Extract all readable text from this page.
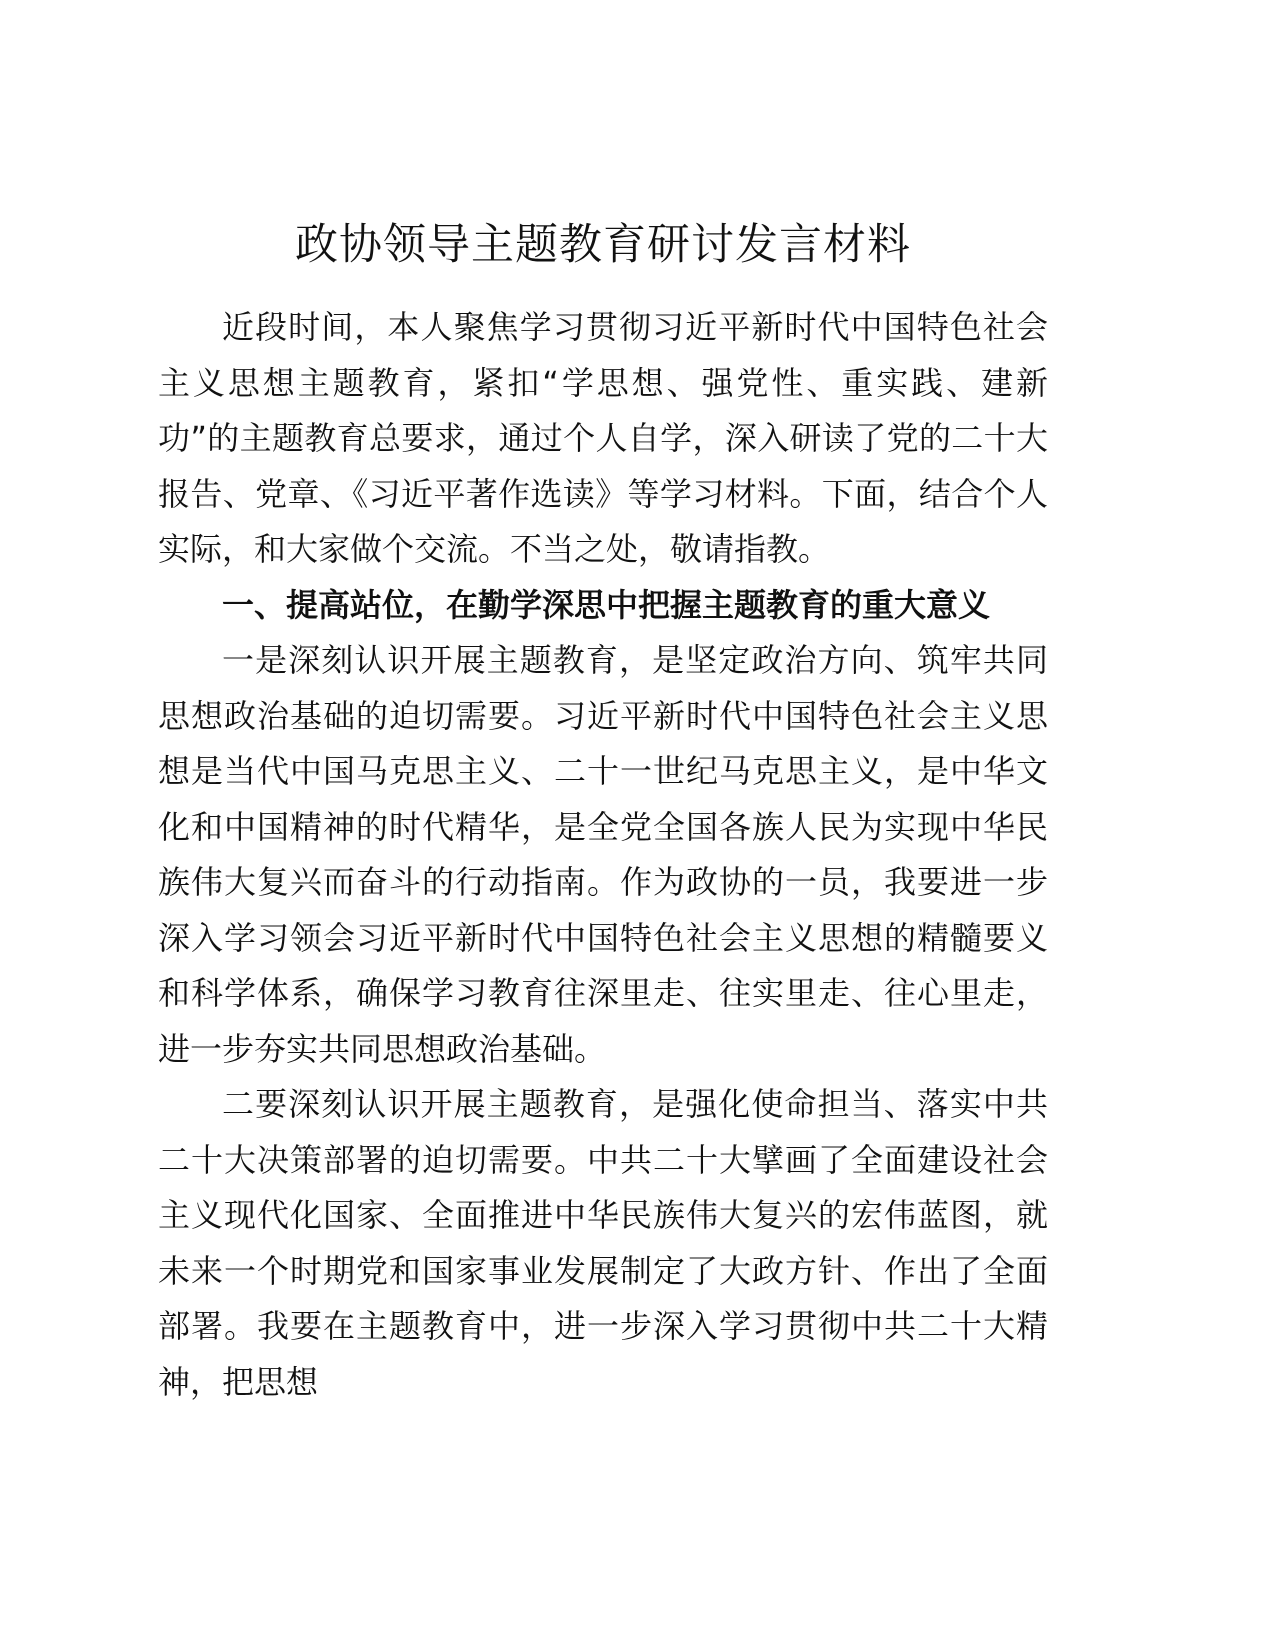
政协领导主题教育研讨发言材料

近段时间，本人聚焦学习贯彻习近平新时代中国特色社会主义思想主题教育，紧扣“学思想、强党性、重实践、建新功”的主题教育总要求，通过个人自学，深入研读了党的二十大报告、党章、《习近平著作选读》等学习材料。下面，结合个人实际，和大家做个交流。不当之处，敬请指教。

一、提高站位，在勤学深思中把握主题教育的重大意义

一是深刻认识开展主题教育，是坚定政治方向、筑牢共同思想政治基础的迫切需要。习近平新时代中国特色社会主义思想是当代中国马克思主义、二十一世纪马克思主义，是中华文化和中国精神的时代精华，是全党全国各族人民为实现中华民族伟大复兴而奋斗的行动指南。作为政协的一员，我要进一步深入学习领会习近平新时代中国特色社会主义思想的精髓要义和科学体系，确保学习教育往深里走、往实里走、往心里走，进一步夯实共同思想政治基础。

二要深刻认识开展主题教育，是强化使命担当、落实中共二十大决策部署的迫切需要。中共二十大擘画了全面建设社会主义现代化国家、全面推进中华民族伟大复兴的宏伟蓝图，就未来一个时期党和国家事业发展制定了大政方针、作出了全面部署。我要在主题教育中，进一步深入学习贯彻中共二十大精神，把思想
